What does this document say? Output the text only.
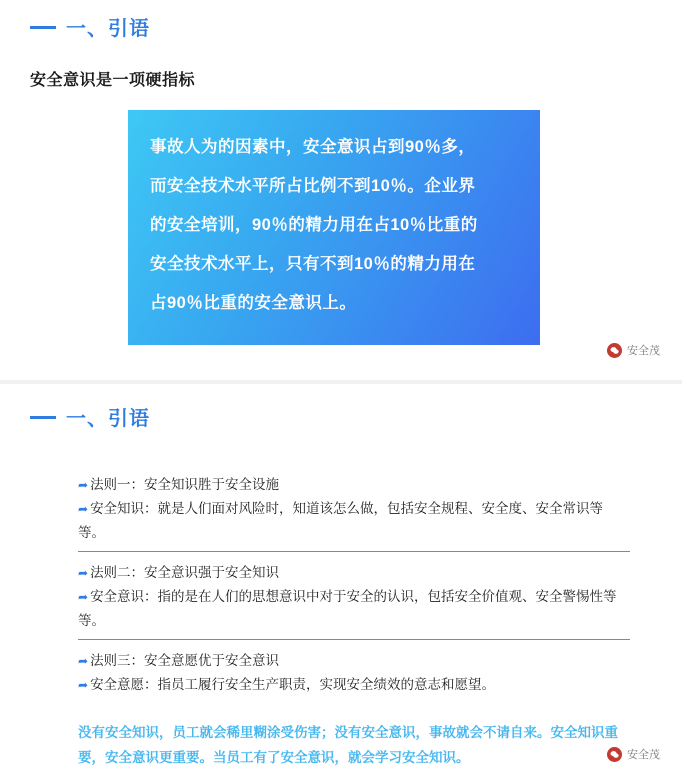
一、引语
安全意识是一项硬指标

事故人为的因素中，安全意识占到90％多，

而安全技术水平所占比例不到10％。企业界

的安全培训，90％的精力用在占10％比重的

安全技术水平上，只有不到10％的精力用在

占90％比重的安全意识上。

安全茂
一、引语
➦ 法则一：安全知识胜于安全设施
➦ 安全知识：就是人们面对风险时，知道该怎么做，包括安全规程、安全度、安全常识等等。
➦ 法则二：安全意识强于安全知识
➦ 安全意识：指的是在人们的思想意识中对于安全的认识，包括安全价值观、安全警惕性等等。
➦ 法则三：安全意愿优于安全意识
➦ 安全意愿：指员工履行安全生产职责，实现安全绩效的意志和愿望。
没有安全知识，员工就会稀里糊涂受伤害；没有安全意识，事故就会不请自来。安全知识重要，安全意识更重要。当员工有了安全意识，就会学习安全知识。	安全茂
